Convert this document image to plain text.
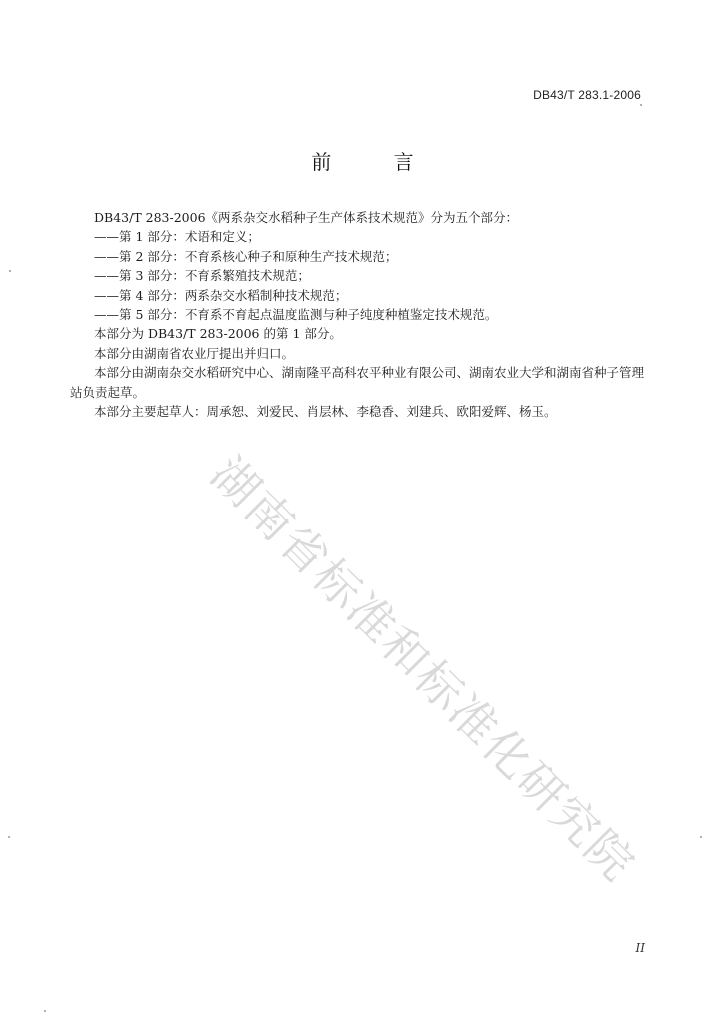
DB43/T 283.1-2006
前 言

DB43/T 283-2006《两系杂交水稻种子生产体系技术规范》分为五个部分：

——第 1 部分：术语和定义；

——第 2 部分：不育系核心种子和原种生产技术规范；

——第 3 部分：不育系繁殖技术规范；

——第 4 部分：两系杂交水稻制种技术规范；

——第 5 部分：不育系不育起点温度监测与种子纯度种植鉴定技术规范。

本部分为 DB43/T 283-2006 的第 1 部分。

本部分由湖南省农业厅提出并归口。

本部分由湖南杂交水稻研究中心、湖南隆平高科农平种业有限公司、湖南农业大学和湖南省种子管理站负责起草。

本部分主要起草人：周承恕、刘爱民、肖层林、李稳香、刘建兵、欧阳爱辉、杨玉。

湖南省标准和标准化研究院
II
